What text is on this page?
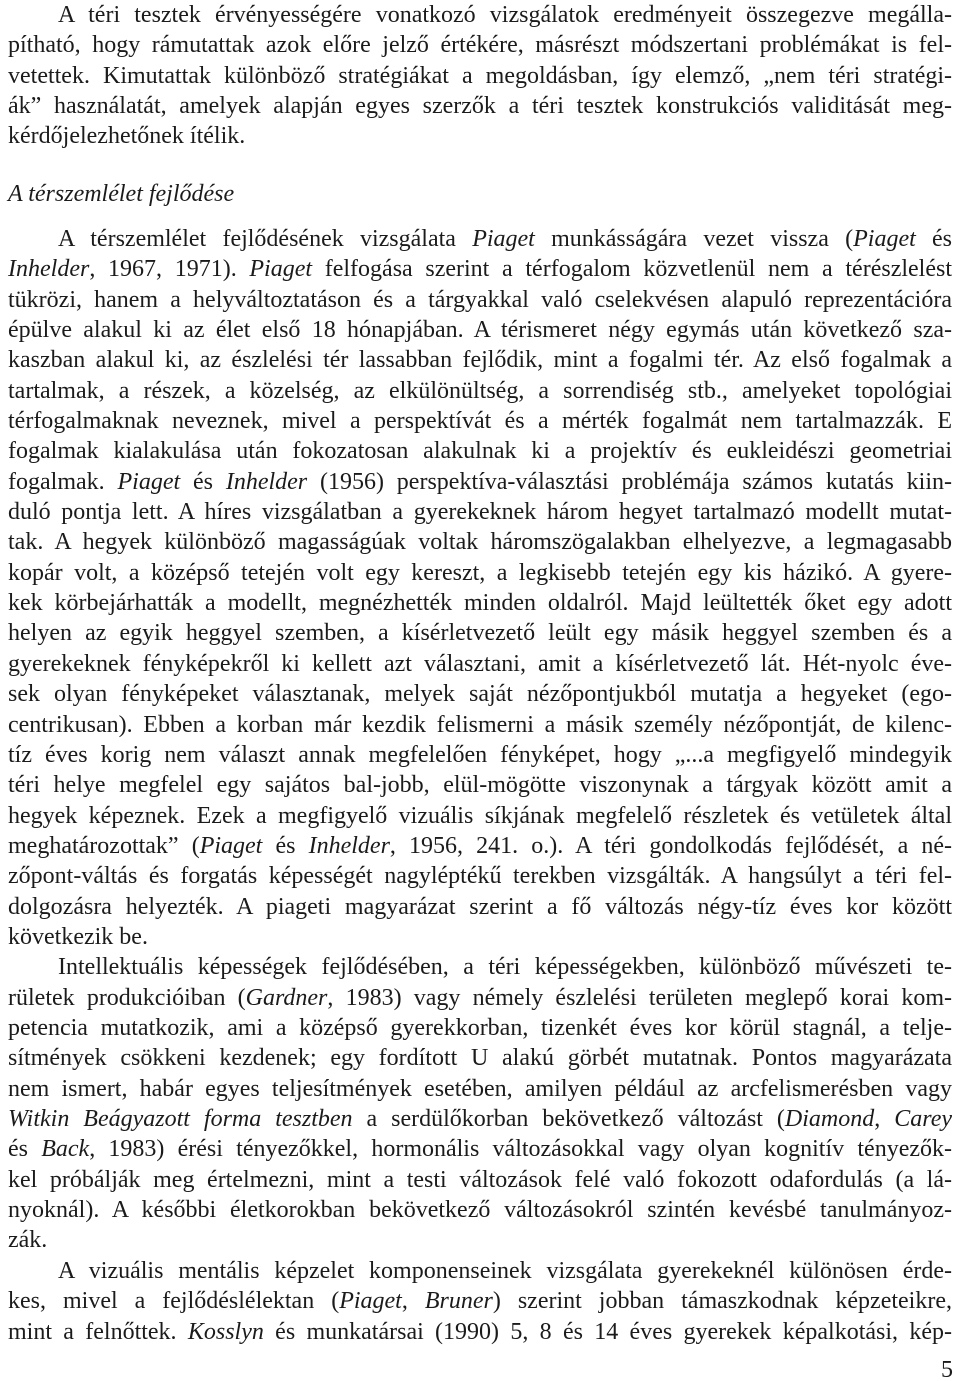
A téri tesztek érvényességére vonatkozó vizsgálatok eredményeit összegezve megálla-
pítható, hogy rámutattak azok előre jelző értékére, másrészt módszertani problémákat is fel-
vetettek. Kimutattak különböző stratégiákat a megoldásban, így elemző, „nem téri stratégi-
ák” használatát, amelyek alapján egyes szerzők a téri tesztek konstrukciós validitását meg-
kérdőjelezhetőnek ítélik.
A térszemlélet fejlődése
A térszemlélet fejlődésének vizsgálata Piaget munkásságára vezet vissza (Piaget és
Inhelder, 1967, 1971). Piaget felfogása szerint a térfogalom közvetlenül nem a térészlelést
tükrözi, hanem a helyváltoztatáson és a tárgyakkal való cselekvésen alapuló reprezentációra
épülve alakul ki az élet első 18 hónapjában. A térismeret négy egymás után következő sza-
kaszban alakul ki, az észlelési tér lassabban fejlődik, mint a fogalmi tér. Az első fogalmak a
tartalmak, a részek, a közelség, az elkülönültség, a sorrendiség stb., amelyeket topológiai
térfogalmaknak neveznek, mivel a perspektívát és a mérték fogalmát nem tartalmazzák. E
fogalmak kialakulása után fokozatosan alakulnak ki a projektív és eukleidészi geometriai
fogalmak. Piaget és Inhelder (1956) perspektíva-választási problémája számos kutatás kiin-
duló pontja lett. A híres vizsgálatban a gyerekeknek három hegyet tartalmazó modellt mutat-
tak. A hegyek különböző magasságúak voltak háromszögalakban elhelyezve, a legmagasabb
kopár volt, a középső tetején volt egy kereszt, a legkisebb tetején egy kis házikó. A gyere-
kek körbejárhatták a modellt, megnézhették minden oldalról. Majd leültették őket egy adott
helyen az egyik heggyel szemben, a kísérletvezető leült egy másik heggyel szemben és a
gyerekeknek fényképekről ki kellett azt választani, amit a kísérletvezető lát. Hét-nyolc éve-
sek olyan fényképeket választanak, melyek saját nézőpontjukból mutatja a hegyeket (ego-
centrikusan). Ebben a korban már kezdik felismerni a másik személy nézőpontját, de kilenc-
tíz éves korig nem választ annak megfelelően fényképet, hogy „...a megfigyelő mindegyik
téri helye megfelel egy sajátos bal-jobb, elül-mögötte viszonynak a tárgyak között amit a
hegyek képeznek. Ezek a megfigyelő vizuális síkjának megfelelő részletek és vetületek által
meghatározottak” (Piaget és Inhelder, 1956, 241. o.). A téri gondolkodás fejlődését, a né-
zőpont-váltás és forgatás képességét nagyléptékű terekben vizsgálták. A hangsúlyt a téri fel-
dolgozásra helyezték. A piageti magyarázat szerint a fő változás négy-tíz éves kor között
következik be.
Intellektuális képességek fejlődésében, a téri képességekben, különböző művészeti te-
rületek produkcióiban (Gardner, 1983) vagy némely észlelési területen meglepő korai kom-
petencia mutatkozik, ami a középső gyerekkorban, tizenkét éves kor körül stagnál, a telje-
sítmények csökkeni kezdenek; egy fordított U alakú görbét mutatnak. Pontos magyarázata
nem ismert, habár egyes teljesítmények esetében, amilyen például az arcfelismerésben vagy
Witkin Beágyazott forma tesztben a serdülőkorban bekövetkező változást (Diamond, Carey
és Back, 1983) érési tényezőkkel, hormonális változásokkal vagy olyan kognitív tényezők-
kel próbálják meg értelmezni, mint a testi változások felé való fokozott odafordulás (a lá-
nyoknál). A későbbi életkorokban bekövetkező változásokról szintén kevésbé tanulmányoz-
zák.
A vizuális mentális képzelet komponenseinek vizsgálata gyerekeknél különösen érde-
kes, mivel a fejlődéslélektan (Piaget, Bruner) szerint jobban támaszkodnak képzeteikre,
mint a felnőttek. Kosslyn és munkatársai (1990) 5, 8 és 14 éves gyerekek képalkotási, kép-
5
